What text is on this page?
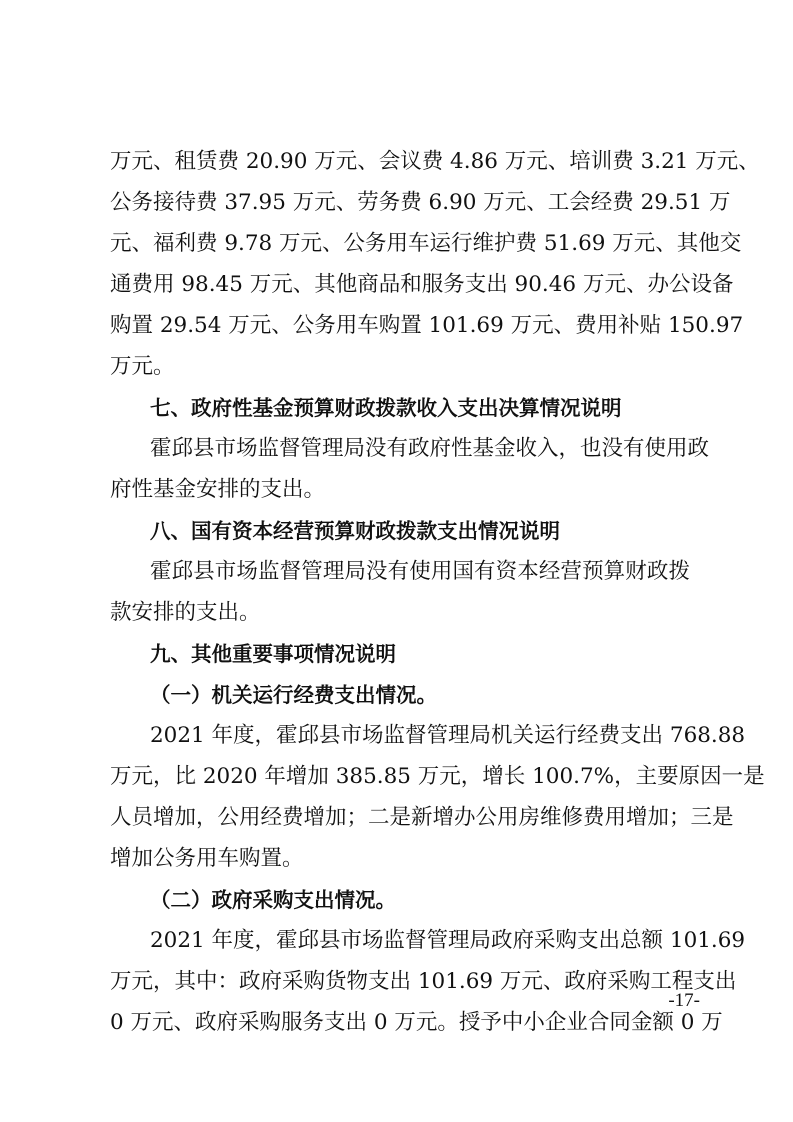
万元、租赁费 20.90 万元、会议费 4.86 万元、培训费 3.21 万元、
公务接待费 37.95 万元、劳务费 6.90 万元、工会经费 29.51 万
元、福利费 9.78 万元、公务用车运行维护费 51.69 万元、其他交
通费用 98.45 万元、其他商品和服务支出 90.46 万元、办公设备
购置 29.54 万元、公务用车购置 101.69 万元、费用补贴 150.97
万元。
七、政府性基金预算财政拨款收入支出决算情况说明
霍邱县市场监督管理局没有政府性基金收入，也没有使用政
府性基金安排的支出。
八、国有资本经营预算财政拨款支出情况说明
霍邱县市场监督管理局没有使用国有资本经营预算财政拨
款安排的支出。
九、其他重要事项情况说明
（一）机关运行经费支出情况。
2021 年度，霍邱县市场监督管理局机关运行经费支出 768.88
万元，比 2020 年增加 385.85 万元，增长 100.7%，主要原因一是
人员增加，公用经费增加；二是新增办公用房维修费用增加；三是
增加公务用车购置。
（二）政府采购支出情况。
2021 年度，霍邱县市场监督管理局政府采购支出总额 101.69
万元，其中：政府采购货物支出 101.69 万元、政府采购工程支出
0 万元、政府采购服务支出 0 万元。授予中小企业合同金额 0 万
-17-
